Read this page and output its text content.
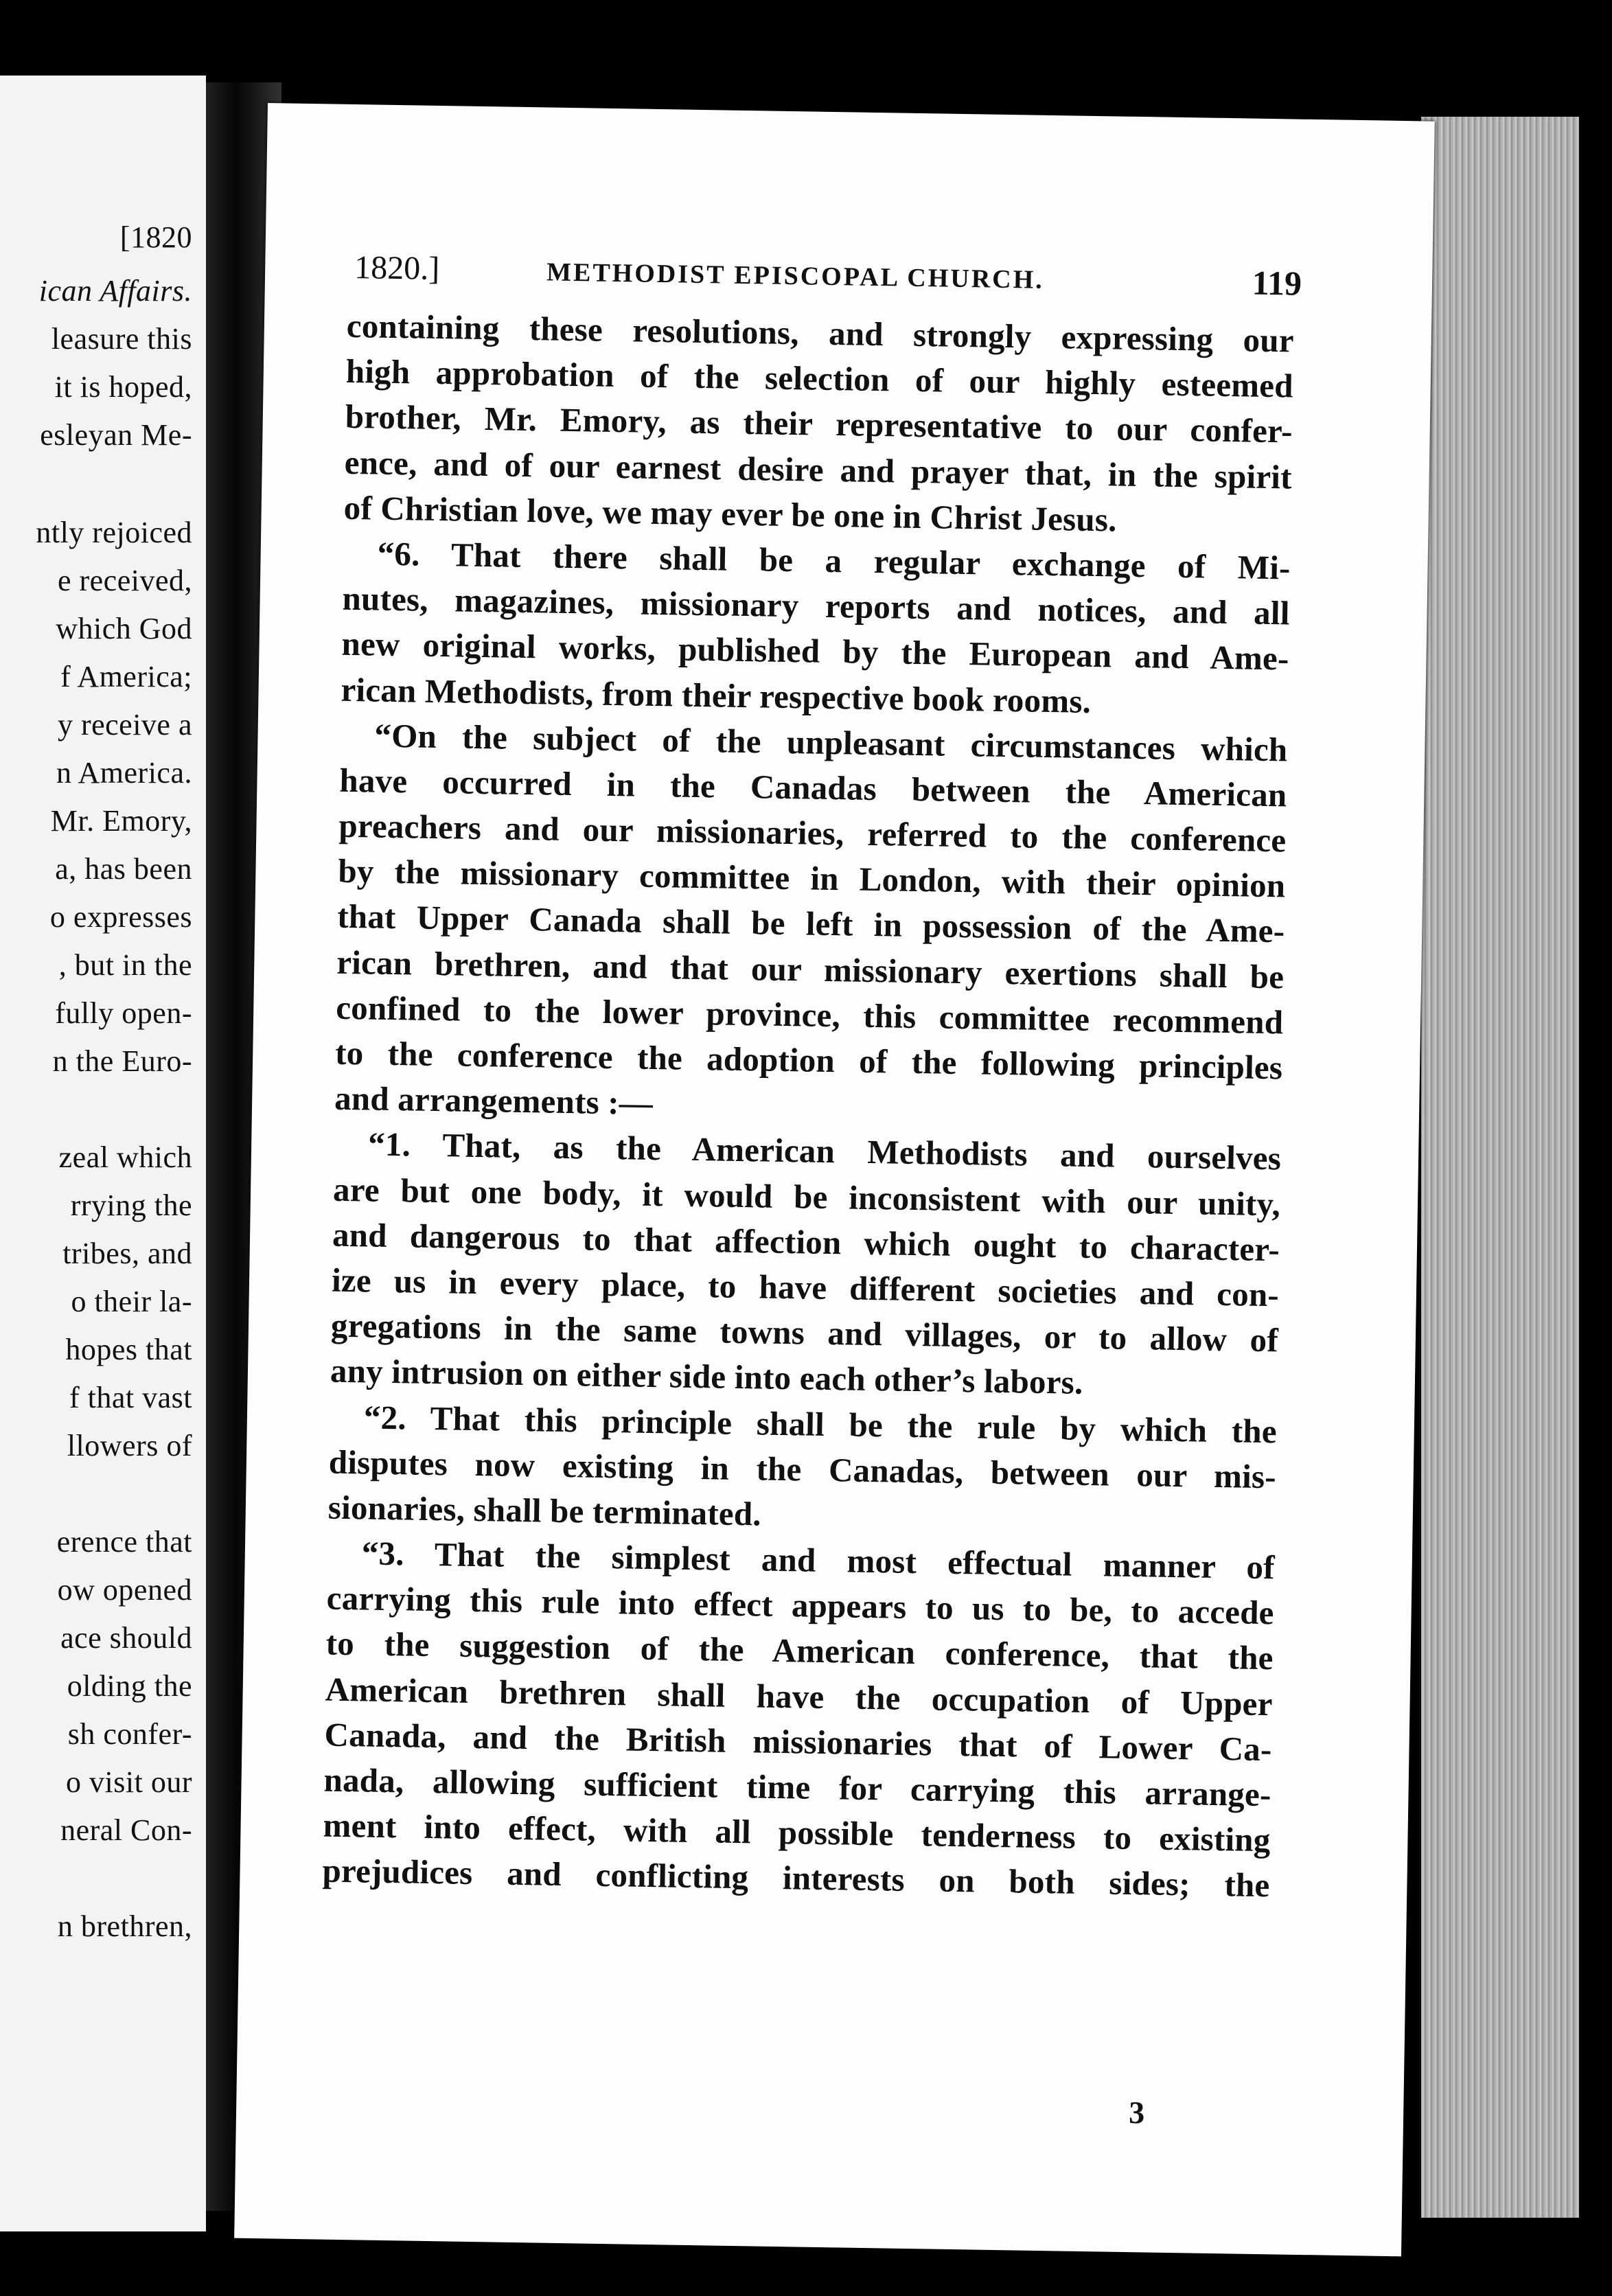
[1820
ican Affairs.
leasure this
it is hoped,
esleyan Me-
ntly rejoiced
e received,
which God
f America;
y receive a
n America.
Mr. Emory,
a, has been
o expresses
, but in the
fully open-
n the Euro-
zeal which
rrying the
tribes, and
o their la-
hopes that
f that vast
llowers of
erence that
ow opened
ace should
olding the
sh confer-
o visit our
neral Con-
n brethren,
1820.]	METHODIST EPISCOPAL CHURCH.	119
containing these resolutions, and strongly expressing our
high approbation of the selection of our highly esteemed
brother, Mr. Emory, as their representative to our confer-
ence, and of our earnest desire and prayer that, in the spirit
of Christian love, we may ever be one in Christ Jesus.
“6. That there shall be a regular exchange of Mi-
nutes, magazines, missionary reports and notices, and all
new original works, published by the European and Ame-
rican Methodists, from their respective book rooms.
“On the subject of the unpleasant circumstances which
have occurred in the Canadas between the American
preachers and our missionaries, referred to the conference
by the missionary committee in London, with their opinion
that Upper Canada shall be left in possession of the Ame-
rican brethren, and that our missionary exertions shall be
confined to the lower province, this committee recommend
to the conference the adoption of the following principles
and arrangements :—
“1. That, as the American Methodists and ourselves
are but one body, it would be inconsistent with our unity,
and dangerous to that affection which ought to character-
ize us in every place, to have different societies and con-
gregations in the same towns and villages, or to allow of
any intrusion on either side into each other’s labors.
“2. That this principle shall be the rule by which the
disputes now existing in the Canadas, between our mis-
sionaries, shall be terminated.
“3. That the simplest and most effectual manner of
carrying this rule into effect appears to us to be, to accede
to the suggestion of the American conference, that the
American brethren shall have the occupation of Upper
Canada, and the British missionaries that of Lower Ca-
nada, allowing sufficient time for carrying this arrange-
ment into effect, with all possible tenderness to existing
prejudices and conflicting interests on both sides; the
3
